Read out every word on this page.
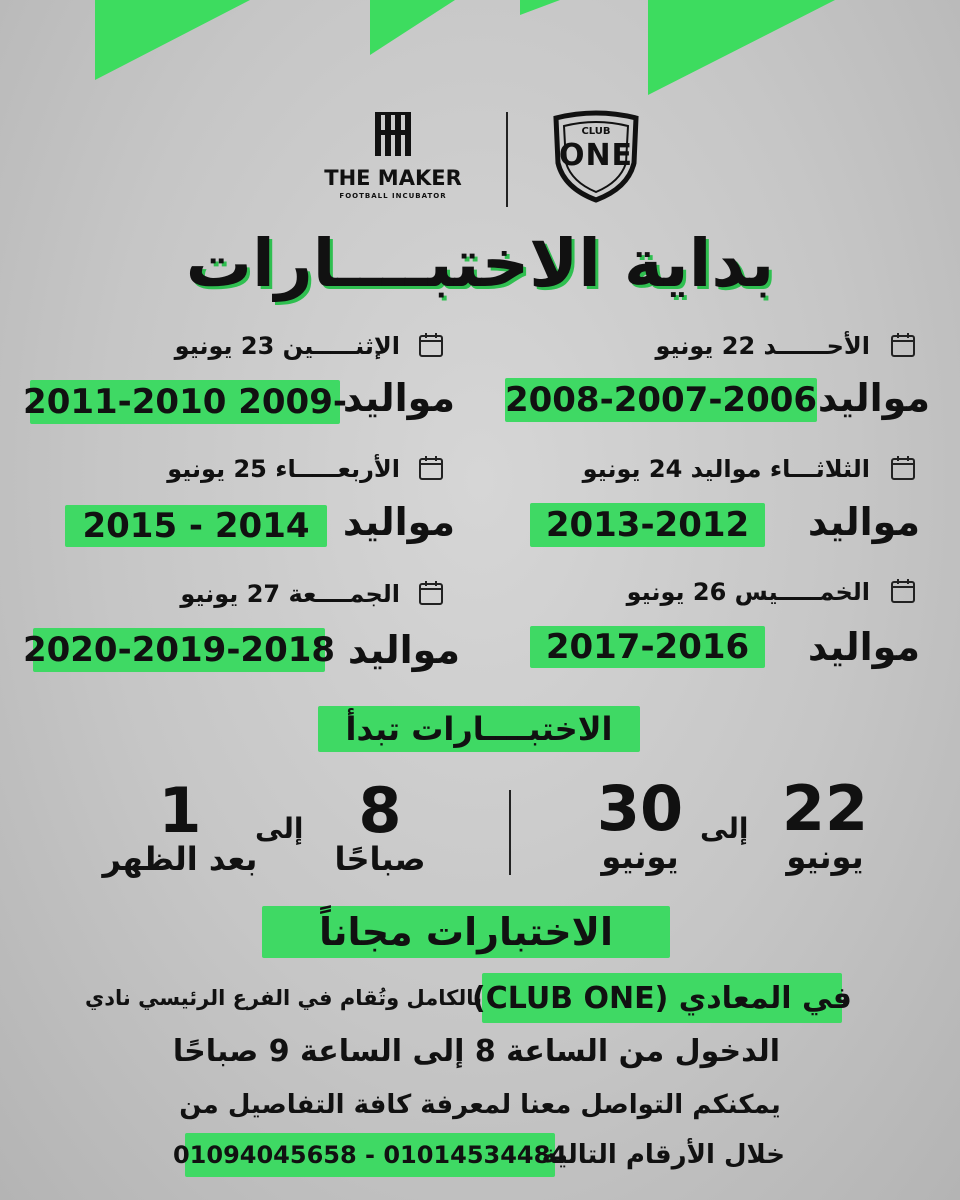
THE MAKER
FOOTBALL INCUBATOR
CLUB
ONE
بداية الاختبــــارات
الأحــــــد 22 يونيو
مواليد
2008-2007-2006
الثلاثـــاء مواليد 24 يونيو
مواليد
2013-2012
الخمـــــيس 26 يونيو
مواليد
2017-2016
الإثنـــــين 23 يونيو
مواليد
2011-2010 2009-
الأربعـــــاء 25 يونيو
مواليد
2015 - 2014
الجمــــعة 27 يونيو
مواليد
2020-2019-2018
الاختبــــارات تبدأ
22
يونيو
إلى
30
يونيو
8
صباحًا
إلى
1
بعد الظهر
الاختبارات مجاناً
(CLUB ONE) في المعادي
بالكامل وتُقام في الفرع الرئيسي نادي
الدخول من الساعة 8 إلى الساعة 9 صباحًا
يمكنكم التواصل معنا لمعرفة كافة التفاصيل من
01094045658 - 01014534484
خلال الأرقام التالية
